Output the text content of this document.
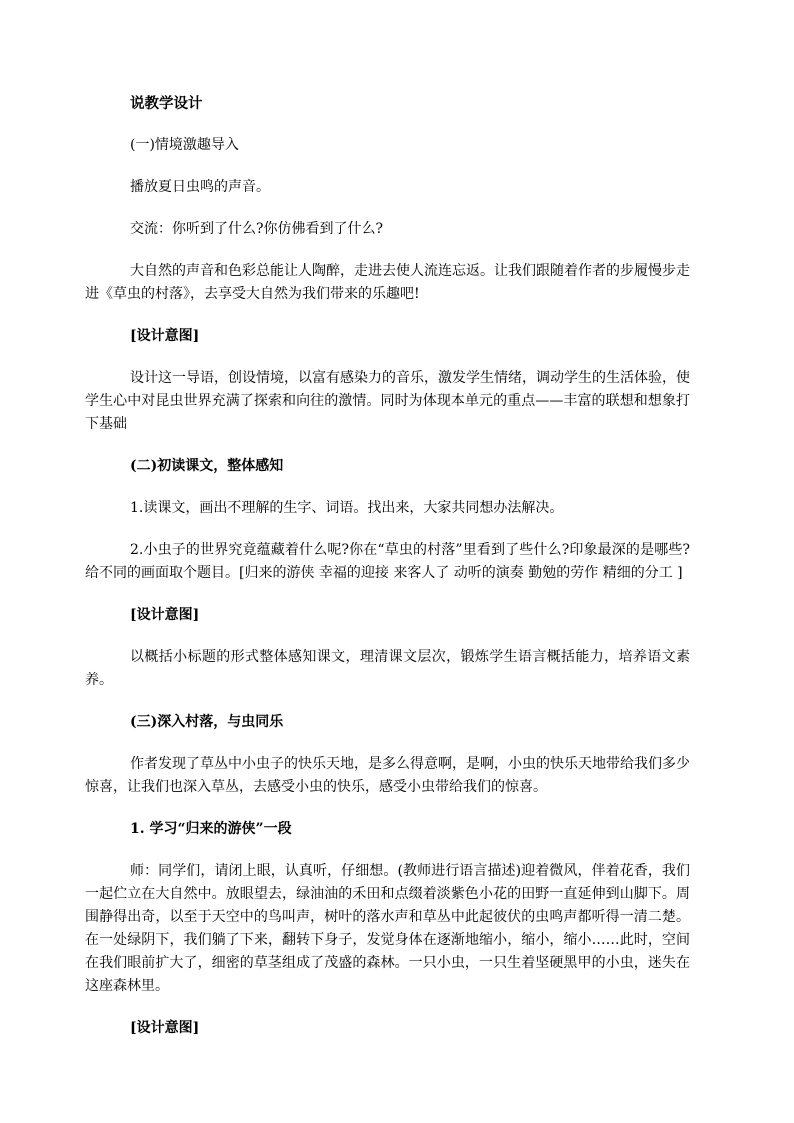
说教学设计

(一)情境激趣导入

播放夏日虫鸣的声音。

交流：你听到了什么?你仿佛看到了什么?

大自然的声音和色彩总能让人陶醉，走进去使人流连忘返。让我们跟随着作者的步履慢步走进《草虫的村落》，去享受大自然为我们带来的乐趣吧!

[设计意图]

设计这一导语，创设情境，以富有感染力的音乐，激发学生情绪，调动学生的生活体验，使学生心中对昆虫世界充满了探索和向往的激情。同时为体现本单元的重点——丰富的联想和想象打下基础

(二)初读课文，整体感知

1.读课文，画出不理解的生字、词语。找出来，大家共同想办法解决。

2.小虫子的世界究竟蕴藏着什么呢?你在“草虫的村落”里看到了些什么?印象最深的是哪些?给不同的画面取个题目。[归来的游侠 幸福的迎接 来客人了 动听的演奏 勤勉的劳作 精细的分工 ]

[设计意图]

以概括小标题的形式整体感知课文，理清课文层次，锻炼学生语言概括能力，培养语文素养。

(三)深入村落，与虫同乐

作者发现了草丛中小虫子的快乐天地，是多么得意啊，是啊，小虫的快乐天地带给我们多少惊喜，让我们也深入草丛，去感受小虫的快乐，感受小虫带给我们的惊喜。

1. 学习“归来的游侠”一段

师：同学们，请闭上眼，认真听，仔细想。(教师进行语言描述)迎着微风，伴着花香，我们一起伫立在大自然中。放眼望去，绿油油的禾田和点缀着淡紫色小花的田野一直延伸到山脚下。周围静得出奇，以至于天空中的鸟叫声，树叶的落水声和草丛中此起彼伏的虫鸣声都听得一清二楚。在一处绿阴下，我们躺了下来，翻转下身子，发觉身体在逐渐地缩小，缩小，缩小……此时，空间在我们眼前扩大了，细密的草茎组成了茂盛的森林。一只小虫，一只生着坚硬黑甲的小虫，迷失在这座森林里。

[设计意图]
